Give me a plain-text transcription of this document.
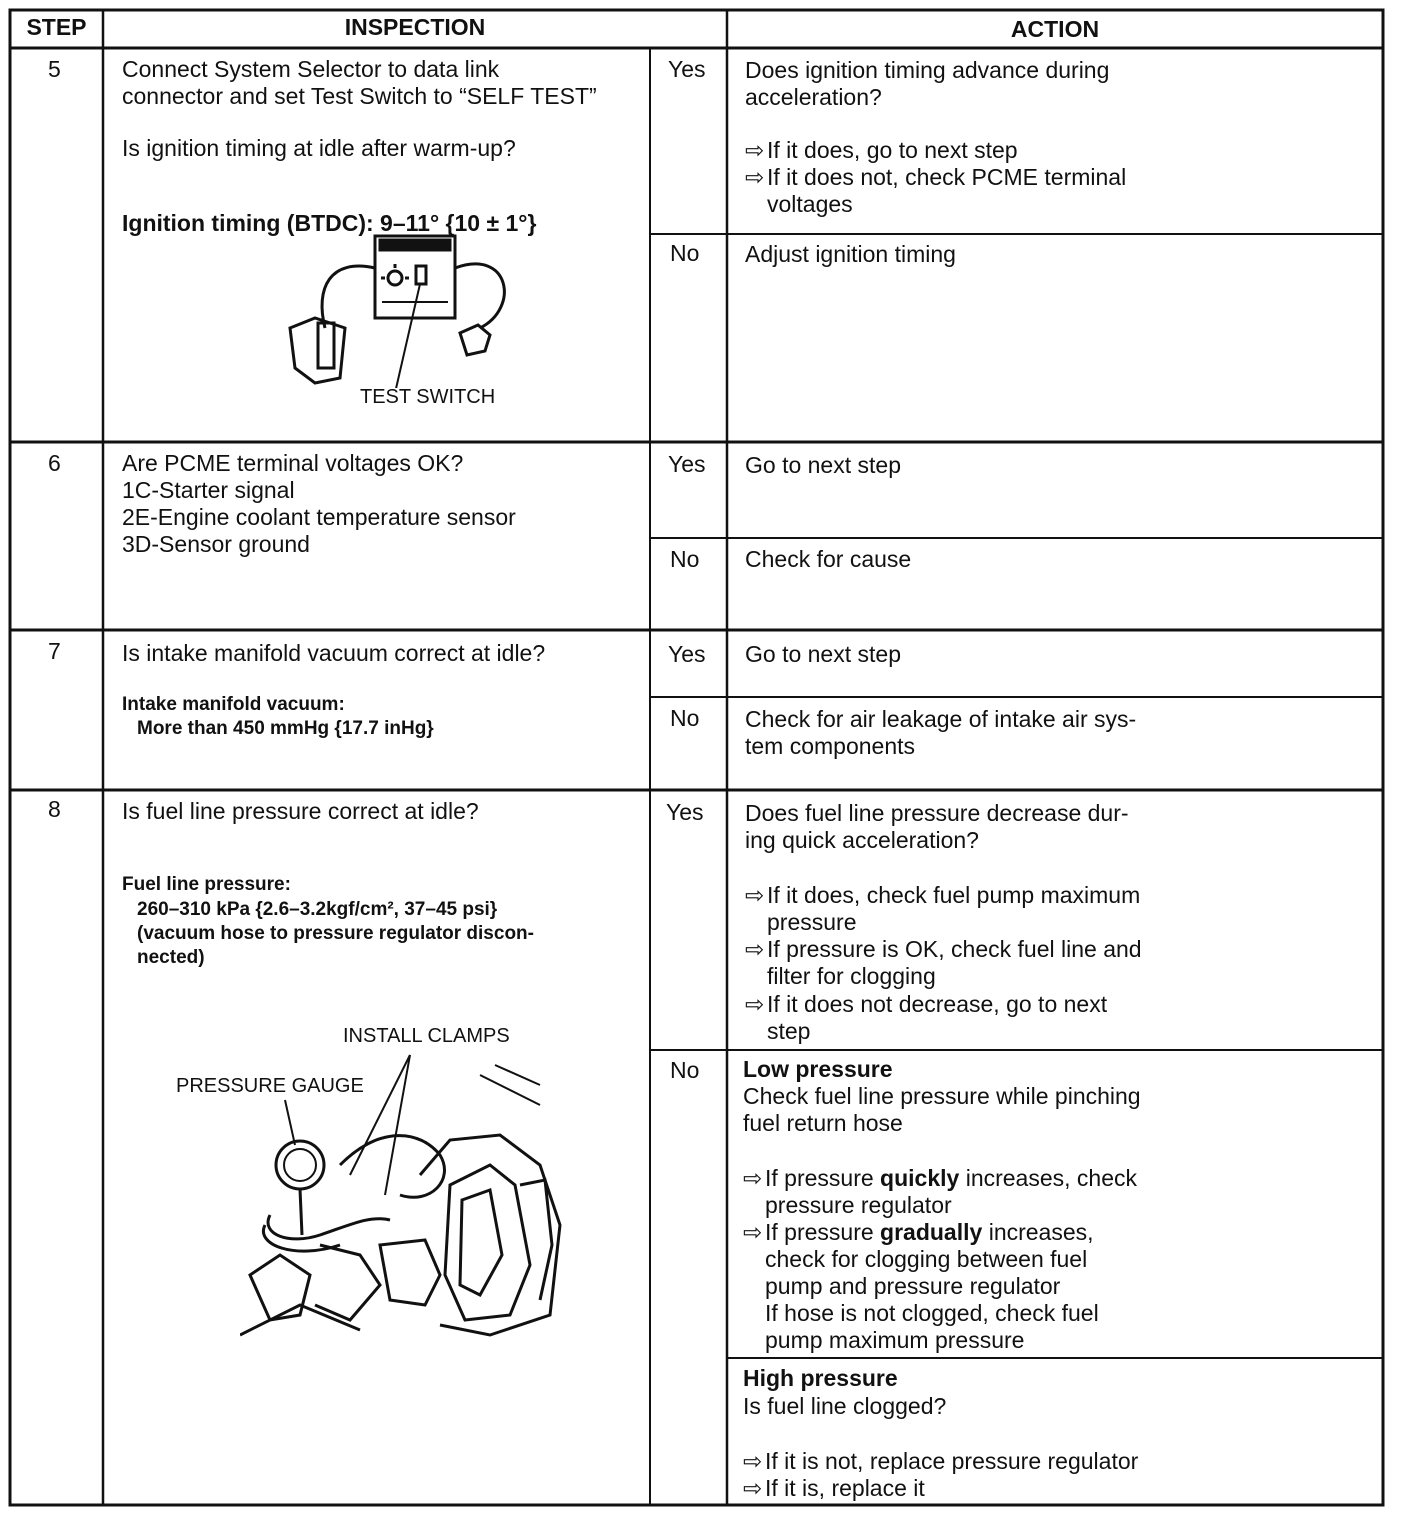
STEP	INSPECTION	ACTION
5	Connect System Selector to data link
connector and set Test Switch to “SELF TEST”
Is ignition timing at idle after warm-up?
Ignition timing (BTDC): 9–11° {10 ± 1°}
TEST SWITCH
Yes Does ignition timing advance during
acceleration?
⇨ If it does, go to next step
⇨ If it does not, check PCME terminal
voltages
No Adjust ignition timing
6	Are PCME terminal voltages OK?
1C-Starter signal
2E-Engine coolant temperature sensor
3D-Sensor ground
Yes Go to next step
No Check for cause
7	Is intake manifold vacuum correct at idle?
Intake manifold vacuum:
More than 450 mmHg {17.7 inHg}
Yes Go to next step
No Check for air leakage of intake air sys-
tem components
8	Is fuel line pressure correct at idle?
Fuel line pressure:
260–310 kPa {2.6–3.2kgf/cm², 37–45 psi}
(vacuum hose to pressure regulator discon-
nected)
INSTALL CLAMPS
PRESSURE GAUGE
Yes Does fuel line pressure decrease dur-
ing quick acceleration?
⇨ If it does, check fuel pump maximum
pressure
⇨ If pressure is OK, check fuel line and
filter for clogging
⇨ If it does not decrease, go to next
step
No Low pressure
Check fuel line pressure while pinching
fuel return hose
⇨ If pressure quickly increases, check
pressure regulator
⇨ If pressure gradually increases,
check for clogging between fuel
pump and pressure regulator
If hose is not clogged, check fuel
pump maximum pressure
High pressure
Is fuel line clogged?
⇨ If it is not, replace pressure regulator
⇨ If it is, replace it
